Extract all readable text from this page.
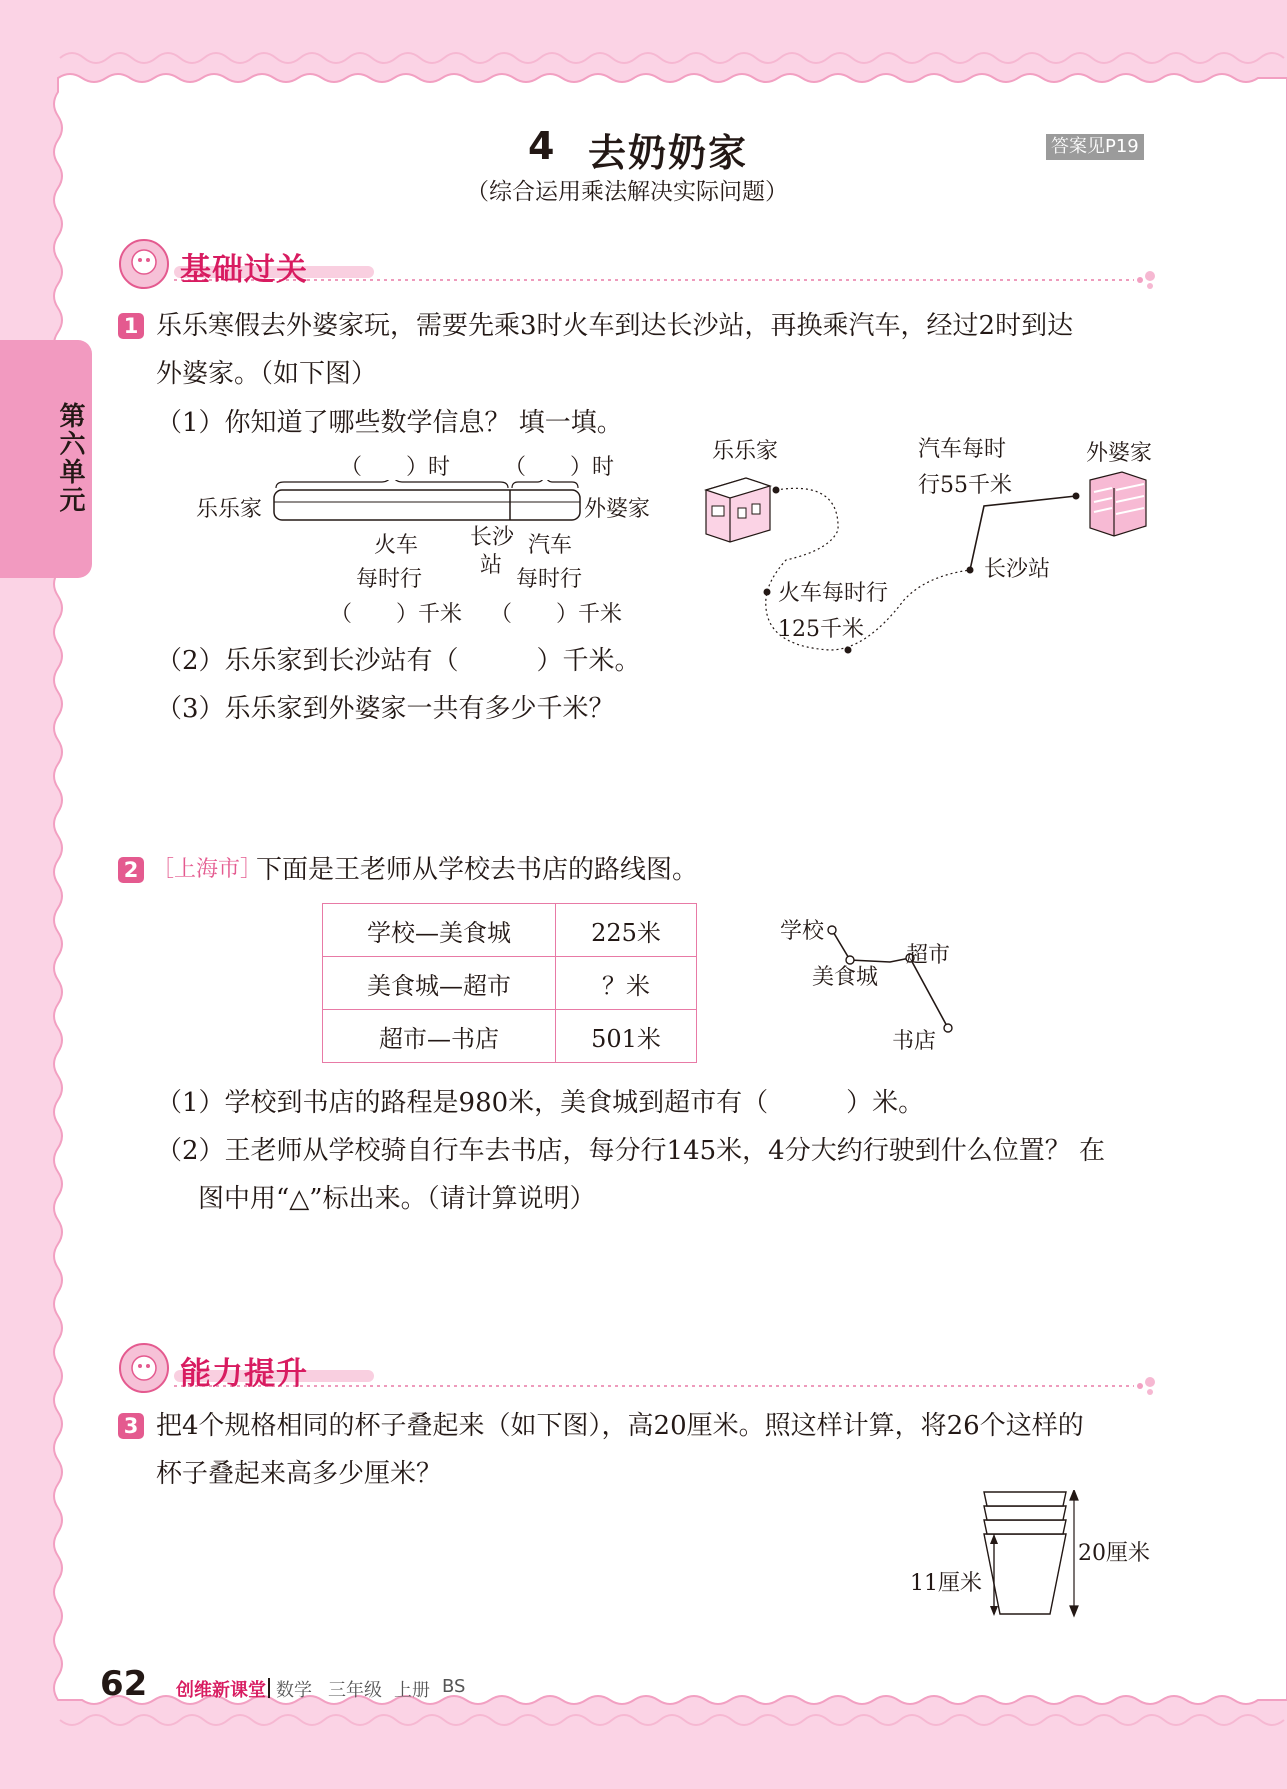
第六单元
4 去奶奶家	答案见P19
（综合运用乘法解决实际问题）
基础过关
1 乐乐寒假去外婆家玩，需要先乘3时火车到达长沙站，再换乘汽车，经过2时到达
外婆家。（如下图）
（1）你知道了哪些数学信息？ 填一填。
（　　）时 （　　）时
乐乐家	外婆家
火车
每时行
长沙
站
汽车
每时行
（　　）千米 （　　）千米
乐乐家	外婆家
汽车每时
行55千米
长沙站
火车每时行
125千米
（2）乐乐家到长沙站有（　　　）千米。
（3）乐乐家到外婆家一共有多少千米？
2 ［上海市］
下面是王老师从学校去书店的路线图。
学校—美食城	225米
美食城—超市	？米
超市—书店	501米
学校
美食城
超市
书店
（1）学校到书店的路程是980米，美食城到超市有（　　　）米。
（2）王老师从学校骑自行车去书店，每分行145米，4分大约行驶到什么位置？ 在
图中用“△”标出来。（请计算说明）
能力提升
3 把4个规格相同的杯子叠起来（如下图），高20厘米。照这样计算，将26个这样的
杯子叠起来高多少厘米？
11厘米
20厘米
62 创维新课堂 数学 三年级 上册 BS
